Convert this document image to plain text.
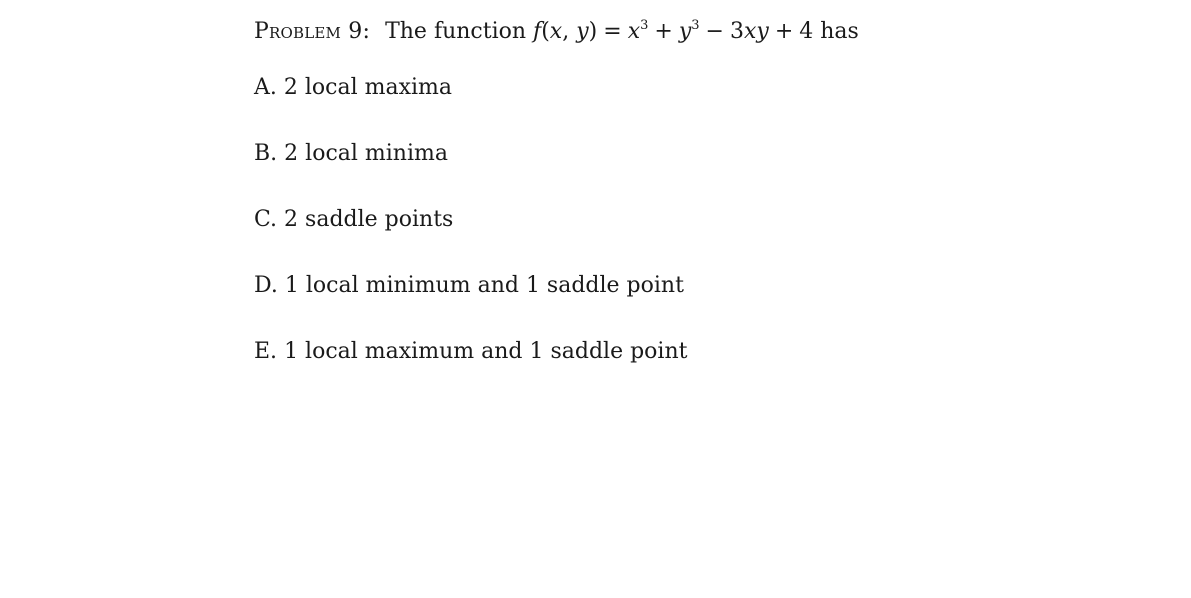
Problem 9: The function f(x, $y) = x^3 + y^3 - 3xy + 4$ has
A. 2 local maxima
B. 2 local minima
C. 2 saddle points
D. 1 local minimum and 1 saddle point
E. 1 local maximum and 1 saddle point
